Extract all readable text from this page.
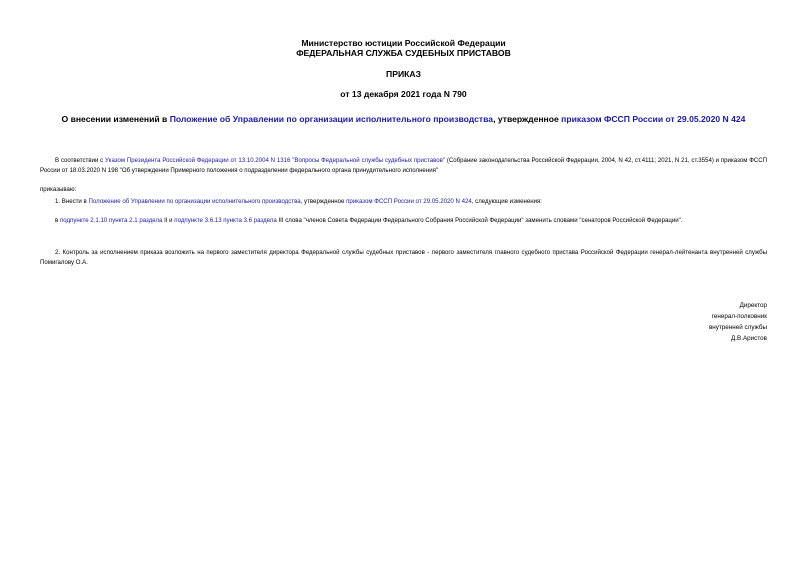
Министерство юстиции Российской Федерации
ФЕДЕРАЛЬНАЯ СЛУЖБА СУДЕБНЫХ ПРИСТАВОВ
ПРИКАЗ
от 13 декабря 2021 года N 790
О внесении изменений в Положение об Управлении по организации исполнительного производства, утвержденное приказом ФССП России от 29.05.2020 N 424
В соответствии с Указом Президента Российской Федерации от 13.10.2004 N 1316 "Вопросы Федеральной службы судебных приставов" (Собрание законодательства Российской Федерации, 2004, N 42, ст.4111; 2021, N 21, ст.3554) и приказом ФССП России от 18.03.2020 N 198 "Об утверждении Примерного положения о подразделении федерального органа принудительного исполнения"
приказываю:
1. Внести в Положение об Управлении по организации исполнительного производства, утвержденное приказом ФССП России от 29.05.2020 N 424, следующие изменения:
в подпункте 2.1.10 пункта 2.1 раздела II и подпункте 3.6.13 пункта 3.6 раздела III слова "членов Совета Федерации Федерального Собрания Российской Федерации" заменить словами "сенаторов Российской Федерации".
2. Контроль за исполнением приказа возложить на первого заместителя директора Федеральной службы судебных приставов - первого заместителя главного судебного пристава Российской Федерации генерал-лейтенанта внутренней службы Помигалову О.А.
Директор
генерал-полковник
внутренней службы
Д.В.Аристов
